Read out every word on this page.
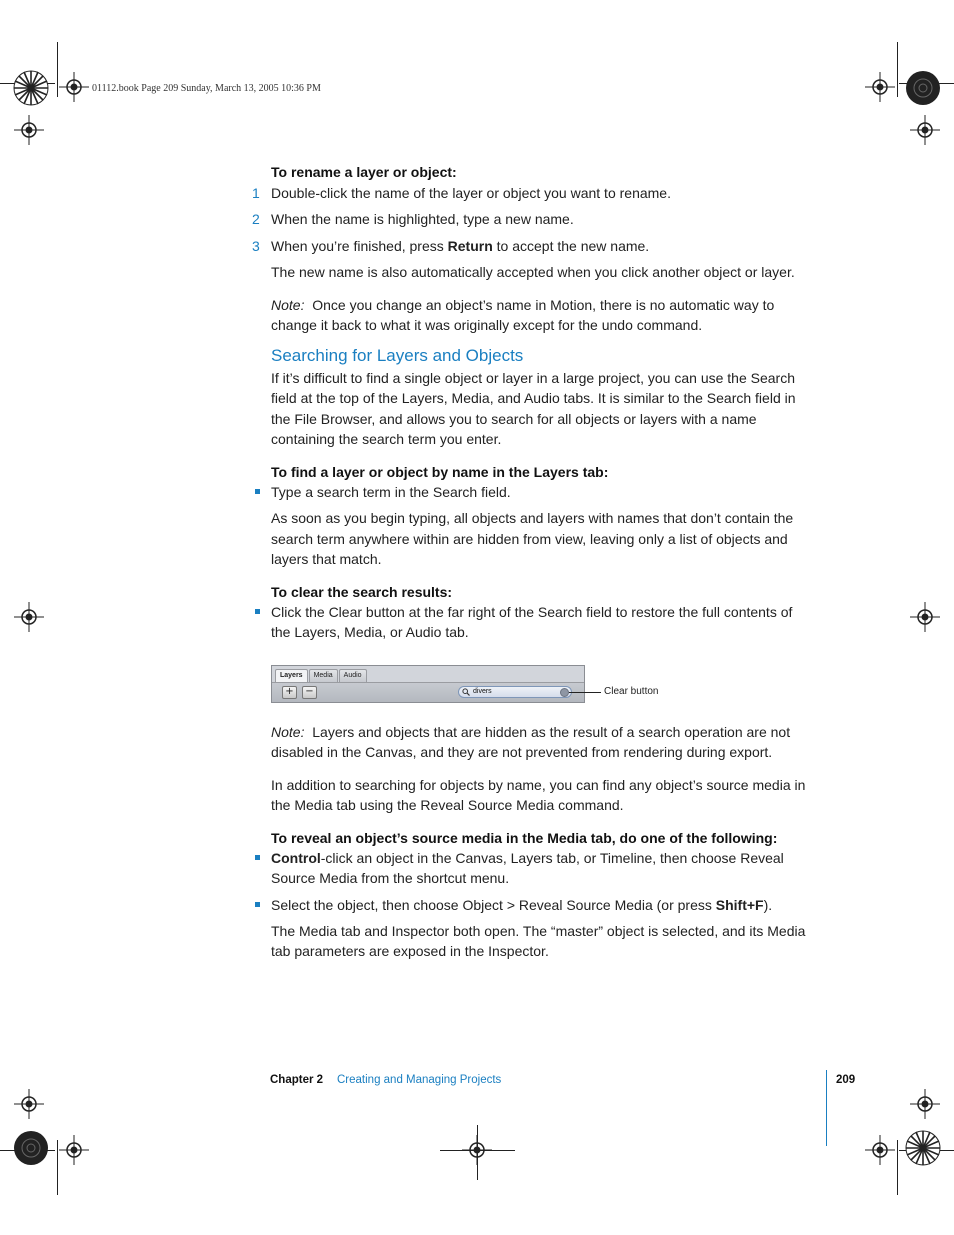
01112.book Page 209 Sunday, March 13, 2005 10:36 PM
To rename a layer or object:
1 Double-click the name of the layer or object you want to rename.
2 When the name is highlighted, type a new name.
3 When you’re finished, press Return to accept the new name.
The new name is also automatically accepted when you click another object or layer.
Note: Once you change an object’s name in Motion, there is no automatic way to
change it back to what it was originally except for the undo command.
Searching for Layers and Objects
If it’s difficult to find a single object or layer in a large project, you can use the Search
field at the top of the Layers, Media, and Audio tabs. It is similar to the Search field in
the File Browser, and allows you to search for all objects or layers with a name
containing the search term you enter.
To find a layer or object by name in the Layers tab:
Type a search term in the Search field.
As soon as you begin typing, all objects and layers with names that don’t contain the
search term anywhere within are hidden from view, leaving only a list of objects and
layers that match.
To clear the search results:
Click the Clear button at the far right of the Search field to restore the full contents of
the Layers, Media, or Audio tab.
Layers	Media	Audio
+	−	divers	Clear button
Note: Layers and objects that are hidden as the result of a search operation are not
disabled in the Canvas, and they are not prevented from rendering during export.
In addition to searching for objects by name, you can find any object’s source media in
the Media tab using the Reveal Source Media command.
To reveal an object’s source media in the Media tab, do one of the following:
Control-click an object in the Canvas, Layers tab, or Timeline, then choose Reveal
Source Media from the shortcut menu.
Select the object, then choose Object > Reveal Source Media (or press Shift+F).
The Media tab and Inspector both open. The “master” object is selected, and its Media
tab parameters are exposed in the Inspector.
Chapter 2 Creating and Managing Projects	209
